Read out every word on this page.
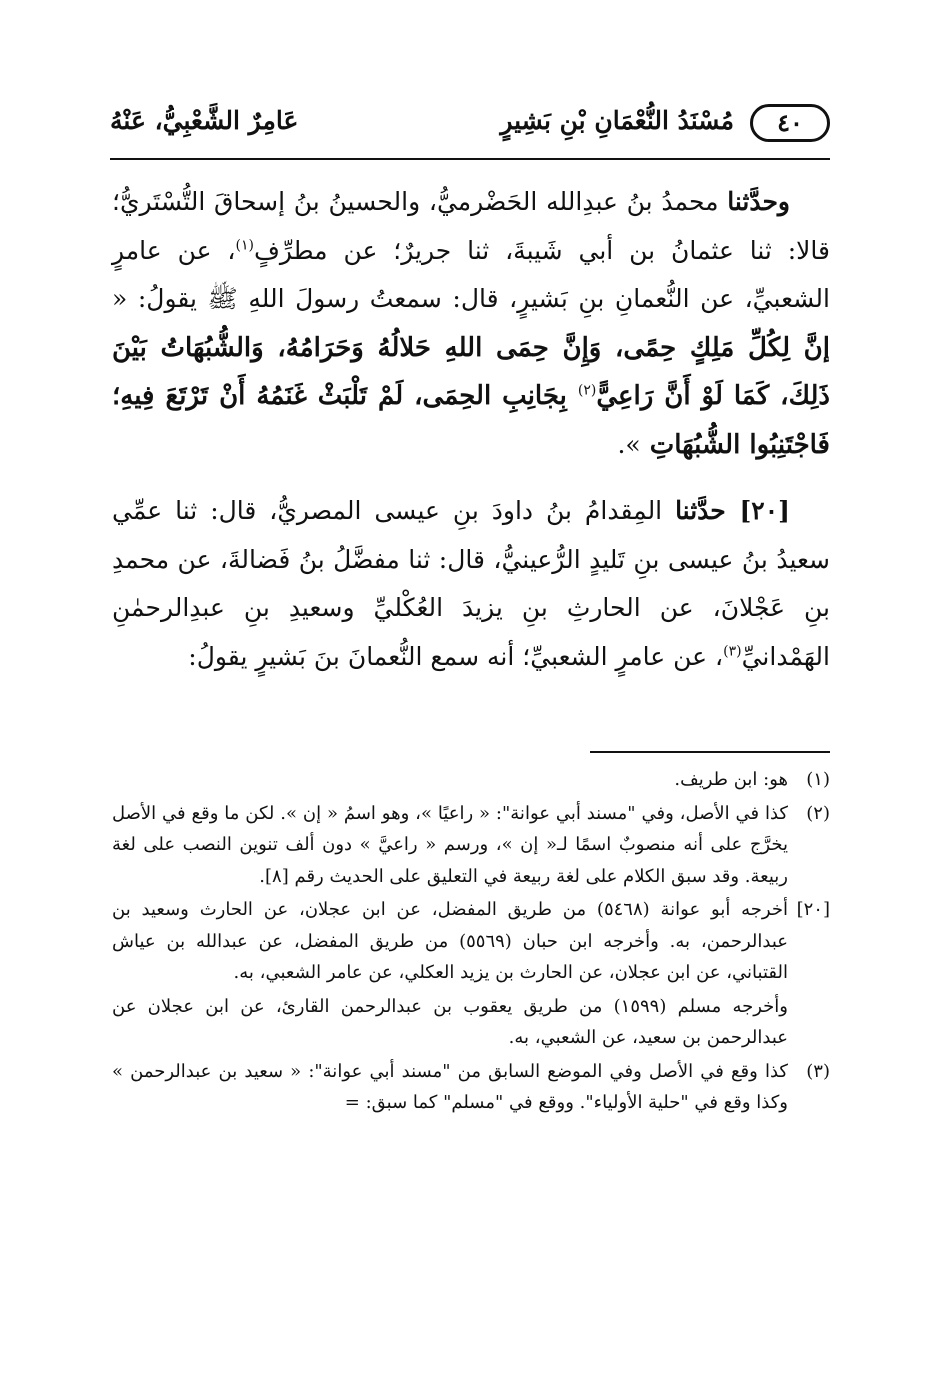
٤٠
مُسْنَدُ النُّعْمَانِ بْنِ بَشِيرٍ
عَامِرٌ الشَّعْبِيُّ، عَنْهُ

وحدَّثنا محمدُ بنُ عبدِالله الحَضْرميُّ، والحسينُ بنُ إسحاقَ التُّسْتَريُّ؛ قالا: ثنا عثمانُ بن أبي شَيبةَ، ثنا جريرٌ؛ عن مطرِّفٍ$^{(١)}$، عن عامرٍ الشعبيِّ، عن النُّعمانِ بنِ بَشيرٍ، قال: سمعتُ رسولَ اللهِ ﷺ يقولُ: « إنَّ لِكُلِّ مَلِكٍ حِمًى، وَإِنَّ حِمَى اللهِ حَلالُهُ وَحَرَامُهُ، وَالشُّبُهَاتُ بَيْنَ ذَلِكَ، كَمَا لَوْ أَنَّ رَاعِيًّ$^{(٢)}$ بِجَانِبِ الحِمَى، لَمْ تَلْبَثْ غَنَمُهُ أَنْ تَرْتَعَ فِيهِ؛ فَاجْتَنِبُوا الشُّبُهَاتِ ».

[٢٠] حدَّثنا المِقدامُ بنُ داودَ بنِ عيسى المصريُّ، قال: ثنا عمِّي سعيدُ بنُ عيسى بنِ تَليدٍ الرُّعينيُّ، قال: ثنا مفضَّلُ بنُ فَضالةَ، عن محمدِ بنِ عَجْلانَ، عن الحارثِ بنِ يزيدَ العُكْليِّ وسعيدِ بنِ عبدِالرحمٰنِ الهَمْدانيِّ$^{(٣)}$، عن عامرٍ الشعبيِّ؛ أنه سمع النُّعمانَ بنَ بَشيرٍ يقولُ:

(١)
هو: ابن طريف.
(٢)
كذا في الأصل، وفي "مسند أبي عوانة": « راعيًا »، وهو اسمُ « إن ». لكن ما وقع في الأصل يخرَّج على أنه منصوبٌ اسمًا لـ« إن »، ورسم « راعيَّ » دون ألف تنوين النصب على لغة ربيعة. وقد سبق الكلام على لغة ربيعة في التعليق على الحديث رقم [٨].
[٢٠]

أخرجه أبو عوانة (٥٤٦٨) من طريق المفضل، عن ابن عجلان، عن الحارث وسعيد بن عبدالرحمن، به. وأخرجه ابن حبان (٥٥٦٩) من طريق المفضل، عن عبدالله بن عياش القتباني، عن ابن عجلان، عن الحارث بن يزيد العكلي، عن عامر الشعبي، به.

وأخرجه مسلم (١٥٩٩) من طريق يعقوب بن عبدالرحمن القارئ، عن ابن عجلان عن عبدالرحمن بن سعيد، عن الشعبي، به.

(٣)
كذا وقع في الأصل وفي الموضع السابق من "مسند أبي عوانة": « سعيد بن عبدالرحمن » وكذا وقع في "حلية الأولياء". ووقع في "مسلم" كما سبق: =
